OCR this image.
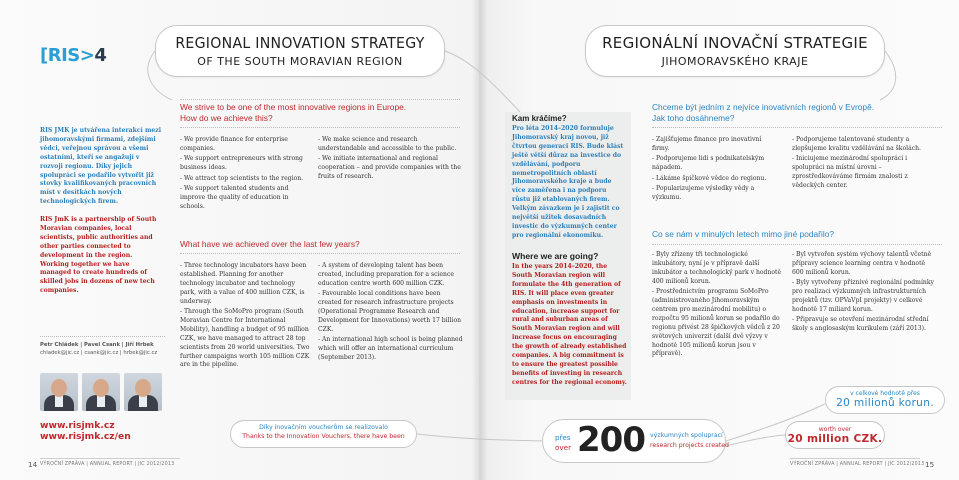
[RIS>4
REGIONAL INNOVATION STRATEGY
OF THE SOUTH MORAVIAN REGION
REGIONÁLNÍ INOVAČNÍ STRATEGIE
JIHOMORAVSKÉHO KRAJE
RIS JMK je utvářena interakcí mezi jihomoravskými firmami, zdejšími vědci, veřejnou správou a všemi ostatními, kteří se angažují v rozvoji regionu. Díky jejich spolupráci se podařilo vytvořit již stovky kvalifikovaných pracovních míst v desítkách nových technologických firem.
RIS JmK is a partnership of South Moravian companies, local scientists, public authorities and other parties connected to development in the region. Working together we have managed to create hundreds of skilled jobs in dozens of new tech companies.
We strive to be one of the most innovative regions in Europe.
How do we achieve this?

- We provide finance for enterprise companies.

- We support entrepreneurs with strong business ideas.

- We attract top scientists to the region.

- We support talented students and improve the quality of education in schools.

- We make science and research understandable and accessible to the public.

- We initiate international and regional cooperation – and provide companies with the fruits of research.

What have we achieved over the last few years?

- Three technology incubators have been established. Planning for another technology incubator and technology park, with a value of 400 million CZK, is underway.

- Through the SoMoPro program (South Moravian Centre for International Mobility), handling a budget of 95 million CZK, we have managed to attract 28 top scientists from 20 world universities. Two further campaigns worth 105 million CZK are in the pipeline.

- A system of developing talent has been created, including preparation for a science education centre worth 600 million CZK.

- Favourable local conditions have been created for research infrastructure projects (Operational Programme Research and Development for Innovations) worth 17 billion CZK.

- An international high school is being planned which will offer an international curriculum (September 2013).

Petr Chládek | Pavel Csank | Jiří Hrbek
chladek@jic.cz | csank@jic.cz | hrbek@jic.cz
www.risjmk.cz
www.risjmk.cz/en
Díky inovačním voucherům se realizovalo
Thanks to the Innovation Vouchers, there have been
14 VÝROČNÍ ZPRÁVA | ANNUAL REPORT | JIC 2012/2013
Kam kráčíme?
Pro léta 2014–2020 formuluje Jihomoravský kraj novou, již čtvrtou generaci RIS. Bude klást ještě větší důraz na investice do vzdělávání, podporu nemetropolitních oblastí Jihomoravského kraje a bude více zaměřena i na podporu růstu již etablovaných firem. Velkým závazkem je i zajistit co největší užitek dosavadních investic do výzkumných center pro regionální ekonomiku.
Where we are going?
In the years 2014–2020, the South Moravian region will formulate the 4th generation of RIS. It will place even greater emphasis on investments in education, increase support for rural and suburban areas of South Moravian region and will increase focus on encouraging the growth of already established companies. A big commitment is to ensure the greatest possible benefits of investing in research centres for the regional economy.
Chceme být jedním z nejvíce inovativních regionů v Evropě.
Jak toho dosáhneme?

- Zajišťujeme finance pro inovativní firmy.

- Podporujeme lidi s podnikatelským nápadem.

- Lákáme špičkové vědce do regionu.

- Popularizujeme výsledky vědy a výzkumu.

- Podporujeme talentované studenty a zlepšujeme kvalitu vzdělávání na školách.

- Iniciujeme mezinárodní spolupráci i spolupráci na místní úrovni – zprostředkováváme firmám znalosti z vědeckých center.

Co se nám v minulých letech mimo jiné podařilo?

- Byly zřízeny tři technologické inkubátory, nyní je v přípravě další inkubátor a technologický park v hodnotě 400 milionů korun.

- Prostřednictvím programu SoMoPro (administrovaného Jihomoravským centrem pro mezinárodní mobilitu) o rozpočtu 95 milionů korun se podařilo do regionu přivést 28 špičkových vědců z 20 světových univerzit (další dvě výzvy v hodnotě 105 milionů korun jsou v přípravě).

- Byl vytvořen systém výchovy talentů včetně přípravy science learning centra v hodnotě 600 milionů korun.

- Byly vytvořeny příznivé regionální podmínky pro realizaci výzkumných infrastrukturních projektů (tzv. OPVaVpI projekty) v celkové hodnotě 17 miliard korun.

- Připravuje se otevření mezinárodní střední školy s anglosaským kurikulem (září 2013).

přes
over 200 výzkumných spoluprací
research projects created
v celkové hodnotě přes
20 milionů korun.
worth over
20 million CZK.
VÝROČNÍ ZPRÁVA | ANNUAL REPORT | JIC 2012/2013 15
